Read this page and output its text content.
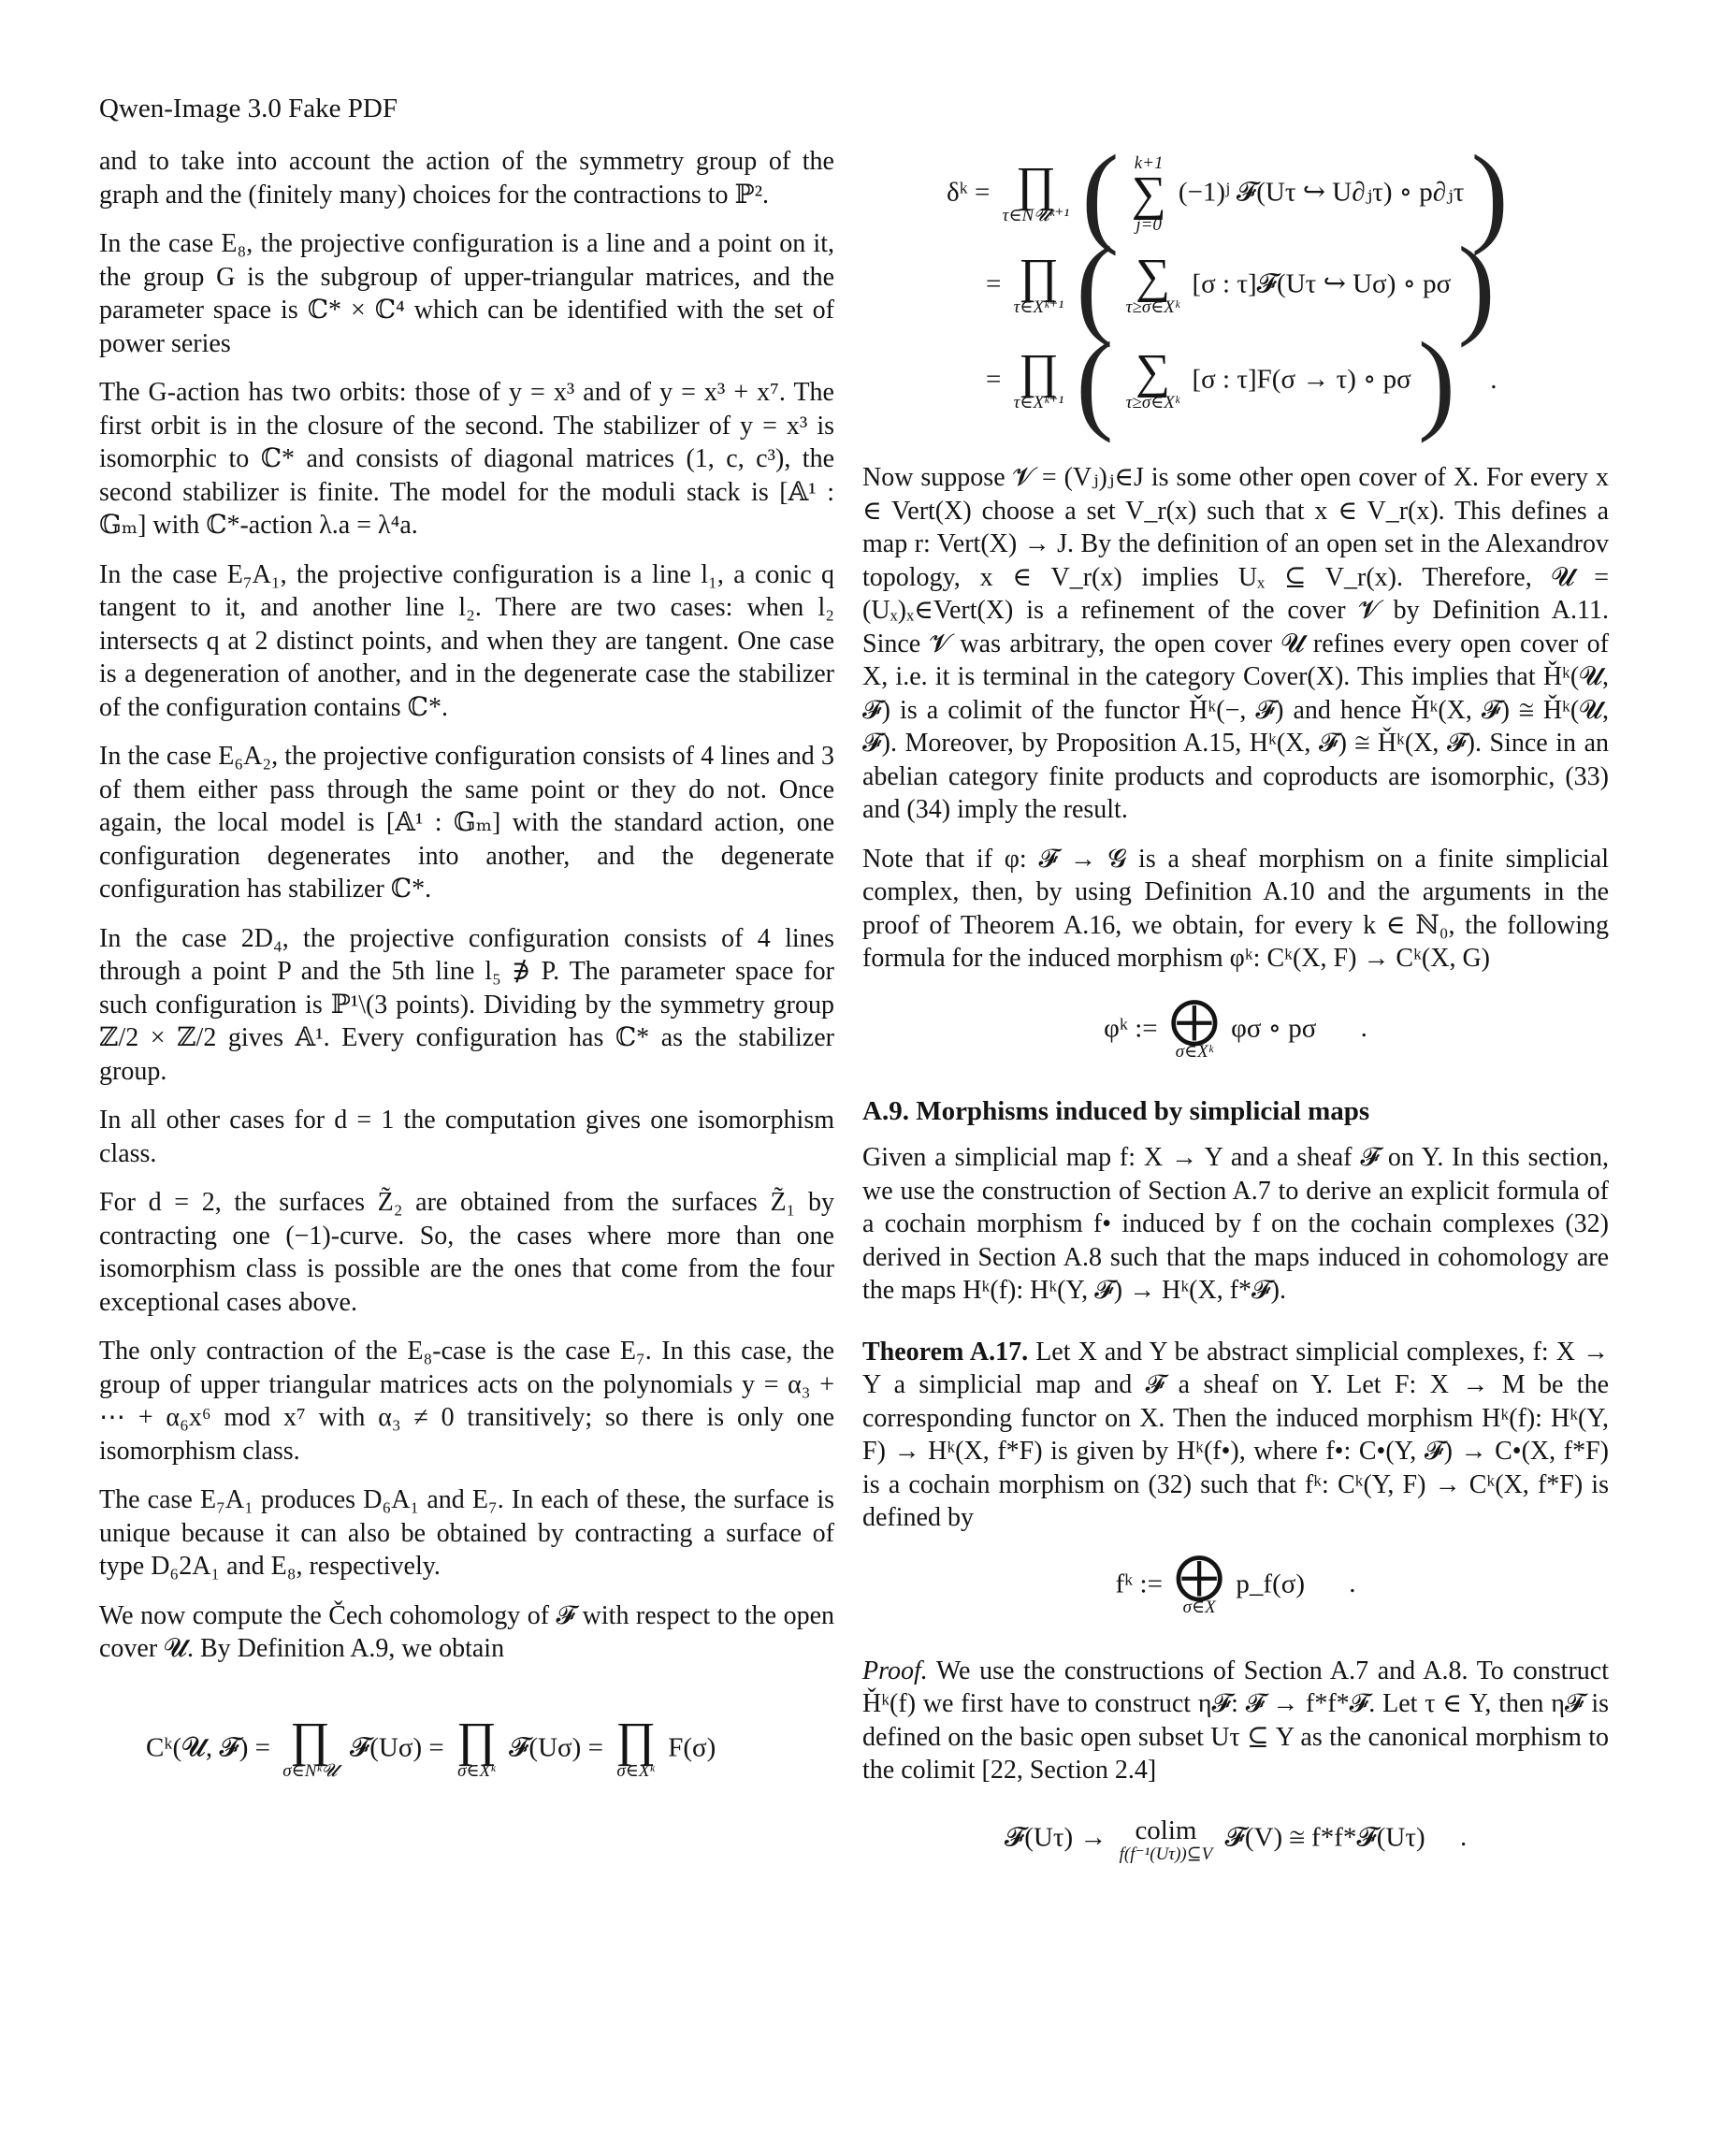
Qwen-Image 3.0 Fake PDF

and to take into account the action of the symmetry group of the graph and the (finitely many) choices for the contractions to ℙ².

In the case E₈, the projective configuration is a line and a point on it, the group G is the subgroup of upper-triangular matrices, and the parameter space is ℂ* × ℂ⁴ which can be identified with the set of power series

The G-action has two orbits: those of y = x³ and of y = x³ + x⁷. The first orbit is in the closure of the second. The stabilizer of y = x³ is isomorphic to ℂ* and consists of diagonal matrices (1, c, c³), the second stabilizer is finite. The model for the moduli stack is [𝔸¹ : 𝔾ₘ] with ℂ*-action λ.a = λ⁴a.

In the case E₇A₁, the projective configuration is a line l₁, a conic q tangent to it, and another line l₂. There are two cases: when l₂ intersects q at 2 distinct points, and when they are tangent. One case is a degeneration of another, and in the degenerate case the stabilizer of the configuration contains ℂ*.

In the case E₆A₂, the projective configuration consists of 4 lines and 3 of them either pass through the same point or they do not. Once again, the local model is [𝔸¹ : 𝔾ₘ] with the standard action, one configuration degenerates into another, and the degenerate configuration has stabilizer ℂ*.

In the case 2D₄, the projective configuration consists of 4 lines through a point P and the 5th line l₅ ∌ P. The parameter space for such configuration is ℙ¹\(3 points). Dividing by the symmetry group ℤ/2 × ℤ/2 gives 𝔸¹. Every configuration has ℂ* as the stabilizer group.

In all other cases for d = 1 the computation gives one isomorphism class.

For d = 2, the surfaces Z̃₂ are obtained from the surfaces Z̃₁ by contracting one (−1)-curve. So, the cases where more than one isomorphism class is possible are the ones that come from the four exceptional cases above.

The only contraction of the E₈-case is the case E₇. In this case, the group of upper triangular matrices acts on the polynomials y = α₃ + ⋯ + α₆x⁶ mod x⁷ with α₃ ≠ 0 transitively; so there is only one isomorphism class.

The case E₇A₁ produces D₆A₁ and E₇. In each of these, the surface is unique because it can also be obtained by contracting a surface of type D₆2A₁ and E₈, respectively.

We now compute the Čech cohomology of 𝓕 with respect to the open cover 𝓤. By Definition A.9, we obtain

Cᵏ(𝓤, 𝓕) = ∏
σ∈Nᵏ𝓤
𝓕(Uσ) = ∏
σ∈Xᵏ
𝓕(Uσ) = ∏
σ∈Xᵏ
F(σ)
δᵏ = ∏
τ∈N𝓤ᵏ⁺¹ ( k+1
∑
j=0
(−1)ʲ 𝓕(Uτ ↪ U∂ⱼτ) ∘ p∂ⱼτ )
= ∏
τ∈Xᵏ⁺¹ ( ∑
τ≥σ∈Xᵏ
[σ : τ]𝓕(Uτ ↪ Uσ) ∘ pσ )
= ∏
τ∈Xᵏ⁺¹ ( ∑
τ≥σ∈Xᵏ
[σ : τ]F(σ → τ) ∘ pσ ) .

Now suppose 𝓥 = (Vⱼ)ⱼ∈J is some other open cover of X. For every x ∈ Vert(X) choose a set V_r(x) such that x ∈ V_r(x). This defines a map r: Vert(X) → J. By the definition of an open set in the Alexandrov topology, x ∈ V_r(x) implies Uₓ ⊆ V_r(x). Therefore, 𝓤 = (Uₓ)ₓ∈Vert(X) is a refinement of the cover 𝓥 by Definition A.11. Since 𝓥 was arbitrary, the open cover 𝓤 refines every open cover of X, i.e. it is terminal in the category Cover(X). This implies that Ȟᵏ(𝓤, 𝓕) is a colimit of the functor Ȟᵏ(−, 𝓕) and hence Ȟᵏ(X, 𝓕) ≅ Ȟᵏ(𝓤, 𝓕). Moreover, by Proposition A.15, Hᵏ(X, 𝓕) ≅ Ȟᵏ(X, 𝓕). Since in an abelian category finite products and coproducts are isomorphic, (33) and (34) imply the result.

Note that if φ: 𝓕 → 𝓖 is a sheaf morphism on a finite simplicial complex, then, by using Definition A.10 and the arguments in the proof of Theorem A.16, we obtain, for every k ∈ ℕ₀, the following formula for the induced morphism φᵏ: Cᵏ(X, F) → Cᵏ(X, G)

φᵏ := ⨁
σ∈Xᵏ
φσ ∘ pσ .
A.9. Morphisms induced by simplicial maps

Given a simplicial map f: X → Y and a sheaf 𝓕 on Y. In this section, we use the construction of Section A.7 to derive an explicit formula of a cochain morphism f• induced by f on the cochain complexes (32) derived in Section A.8 such that the maps induced in cohomology are the maps Hᵏ(f): Hᵏ(Y, 𝓕) → Hᵏ(X, f*𝓕).

Theorem A.17. Let X and Y be abstract simplicial complexes, f: X → Y a simplicial map and 𝓕 a sheaf on Y. Let F: X → M be the corresponding functor on X. Then the induced morphism Hᵏ(f): Hᵏ(Y, F) → Hᵏ(X, f*F) is given by Hᵏ(f•), where f•: C•(Y, 𝓕) → C•(X, f*F) is a cochain morphism on (32) such that fᵏ: Cᵏ(Y, F) → Cᵏ(X, f*F) is defined by

fᵏ := ⨁
σ∈X
p_f(σ) .

Proof. We use the constructions of Section A.7 and A.8. To construct Ȟᵏ(f) we first have to construct η𝓕: 𝓕 → f*f*𝓕. Let τ ∈ Y, then η𝓕 is defined on the basic open subset Uτ ⊆ Y as the canonical morphism to the colimit [22, Section 2.4]

𝓕(Uτ) → colim
f(f⁻¹(Uτ))⊆V
𝓕(V) ≅ f*f*𝓕(Uτ) .
